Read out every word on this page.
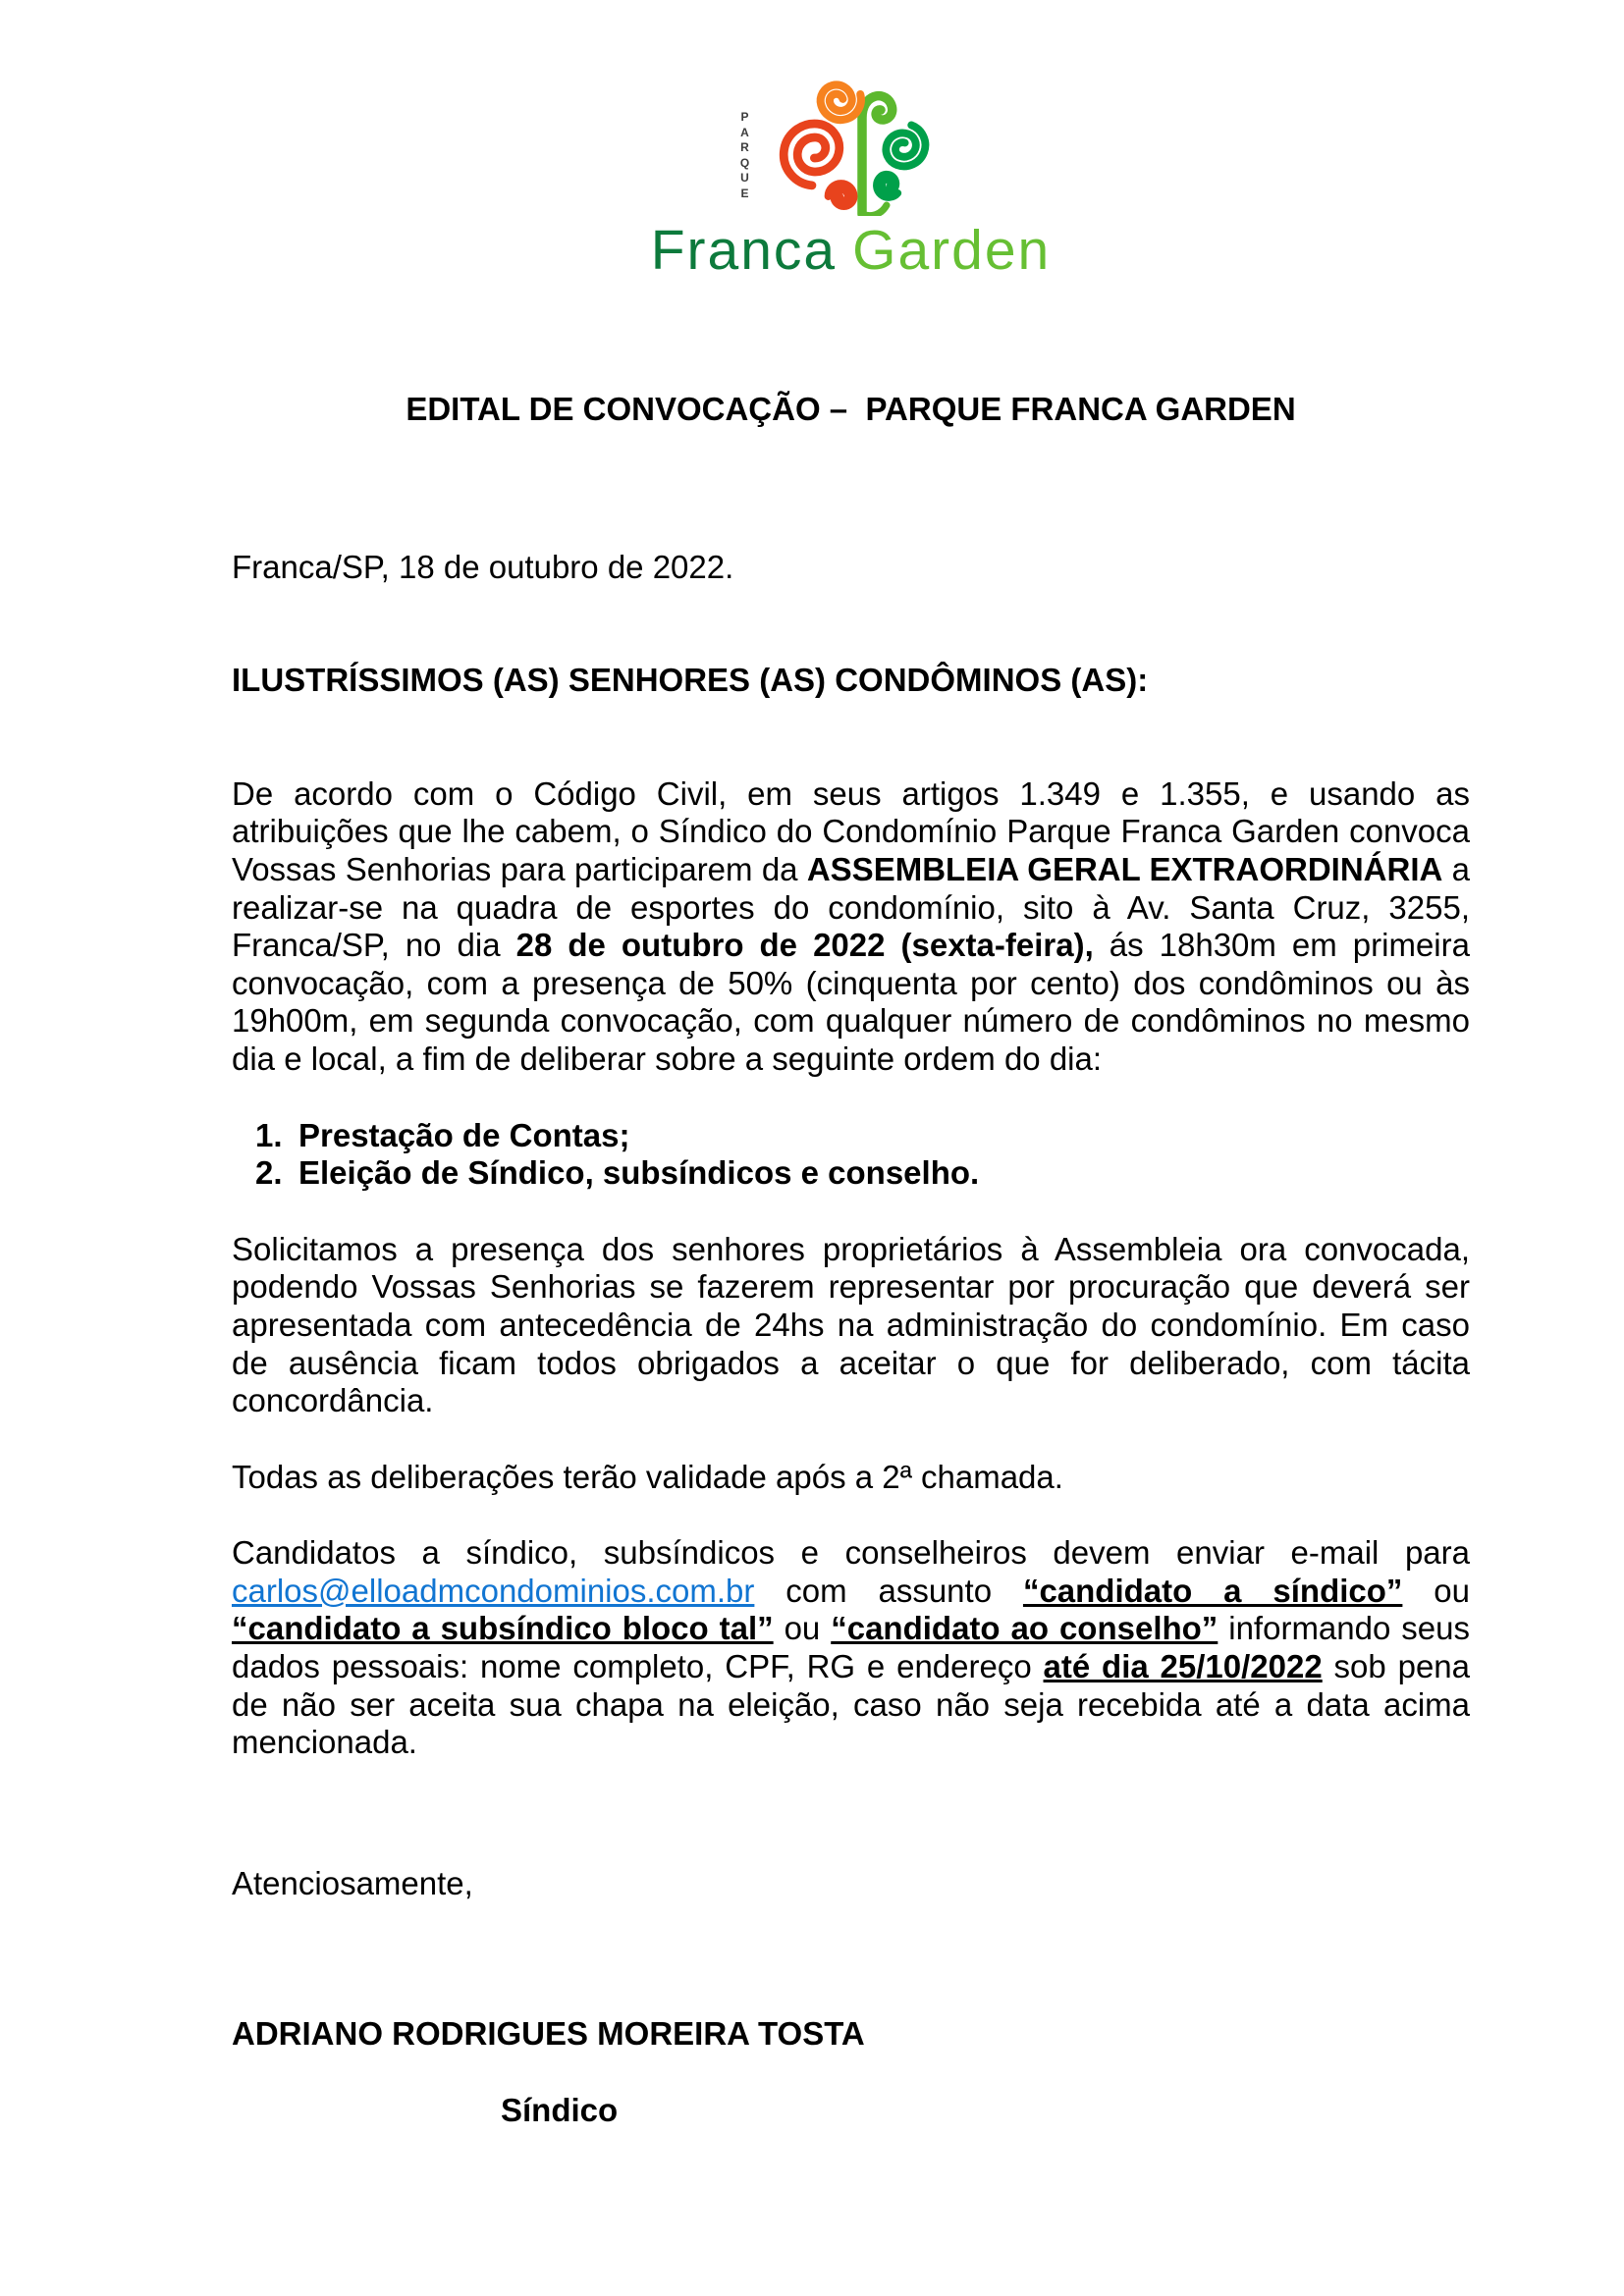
PARQUE
Franca Garden
EDITAL DE CONVOCAÇÃO –  PARQUE FRANCA GARDEN
Franca/SP, 18 de outubro de 2022.
ILUSTRÍSSIMOS (AS) SENHORES (AS) CONDÔMINOS (AS):
De acordo com o Código Civil, em seus artigos 1.349 e 1.355, e usando as atribuições que lhe cabem, o Síndico do Condomínio Parque Franca Garden convoca Vossas Senhorias para participarem da ASSEMBLEIA GERAL EXTRAORDINÁRIA a realizar-se na quadra de esportes do condomínio, sito à Av. Santa Cruz, 3255, Franca/SP, no dia 28 de outubro de 2022 (sexta-feira), ás 18h30m em primeira convocação, com a presença de 50% (cinquenta por cento) dos condôminos ou às 19h00m, em segunda convocação, com qualquer número de condôminos no mesmo dia e local, a fim de deliberar sobre a seguinte ordem do dia:
1. Prestação de Contas;
2. Eleição de Síndico, subsíndicos e conselho.
Solicitamos a presença dos senhores proprietários à Assembleia ora convocada, podendo Vossas Senhorias se fazerem representar por procuração que deverá ser apresentada com antecedência de 24hs na administração do condomínio. Em caso de ausência ficam todos obrigados a aceitar o que for deliberado, com tácita concordância.
Todas as deliberações terão validade após a 2ª chamada.
Candidatos a síndico, subsíndicos e conselheiros devem enviar e-mail para carlos@elloadmcondominios.com.br com assunto “candidato a síndico” ou “candidato a subsíndico bloco tal” ou “candidato ao conselho” informando seus dados pessoais: nome completo, CPF, RG e endereço até dia 25/10/2022 sob pena de não ser aceita sua chapa na eleição, caso não seja recebida até a data acima mencionada.
Atenciosamente,
ADRIANO RODRIGUES MOREIRA TOSTA
Síndico
